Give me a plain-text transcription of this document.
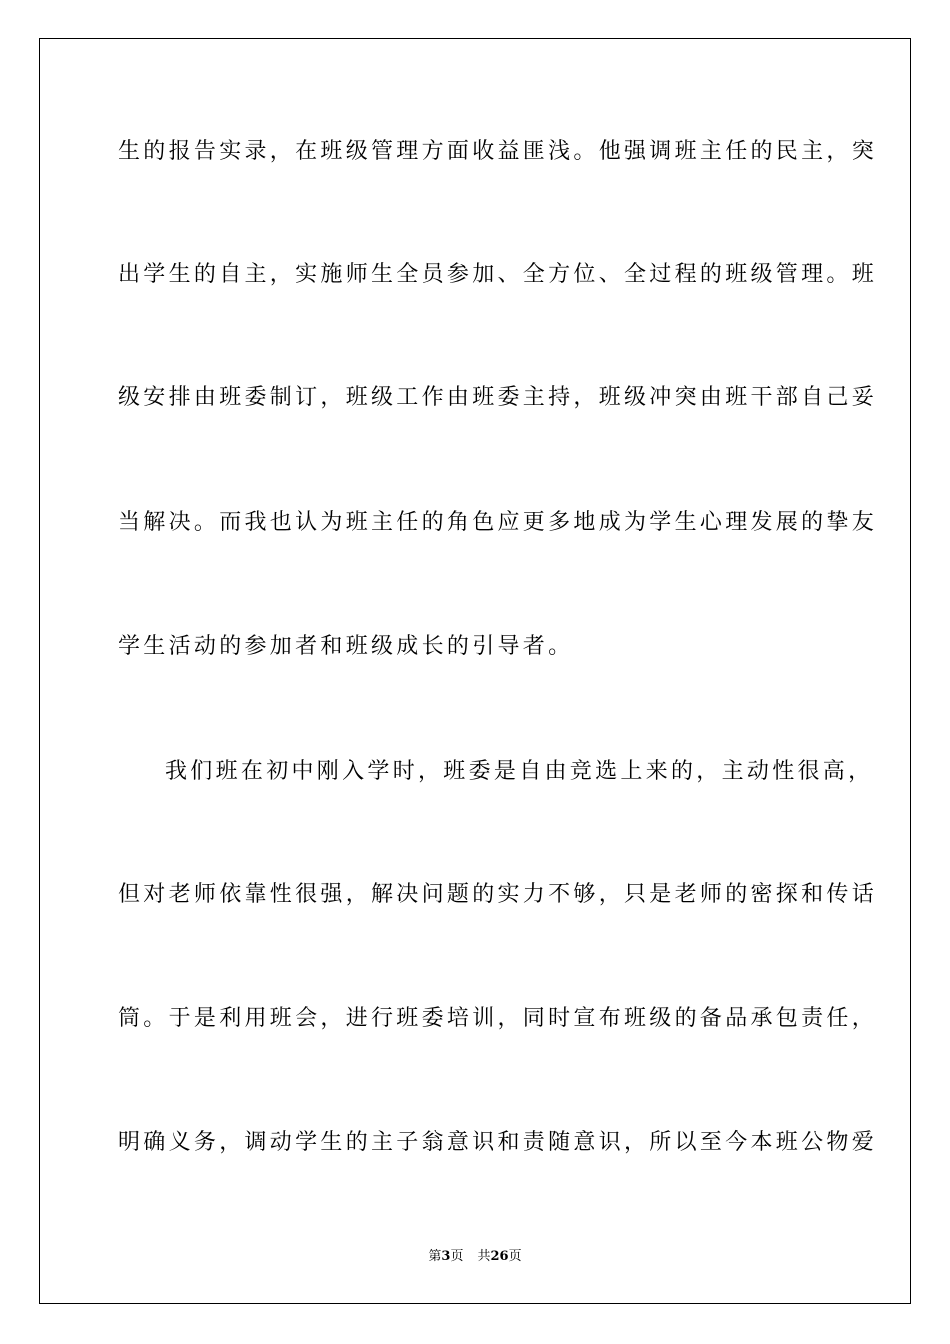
生的报告实录，在班级管理方面收益匪浅。他强调班主任的民主，突
出学生的自主，实施师生全员参加、全方位、全过程的班级管理。班
级安排由班委制订，班级工作由班委主持，班级冲突由班干部自己妥
当解决。而我也认为班主任的角色应更多地成为学生心理发展的挚友
学生活动的参加者和班级成长的引导者。
我们班在初中刚入学时，班委是自由竞选上来的，主动性很高，
但对老师依靠性很强，解决问题的实力不够，只是老师的密探和传话
筒。于是利用班会，进行班委培训，同时宣布班级的备品承包责任，
明确义务，调动学生的主子翁意识和责随意识，所以至今本班公物爱
第3页 共26页
